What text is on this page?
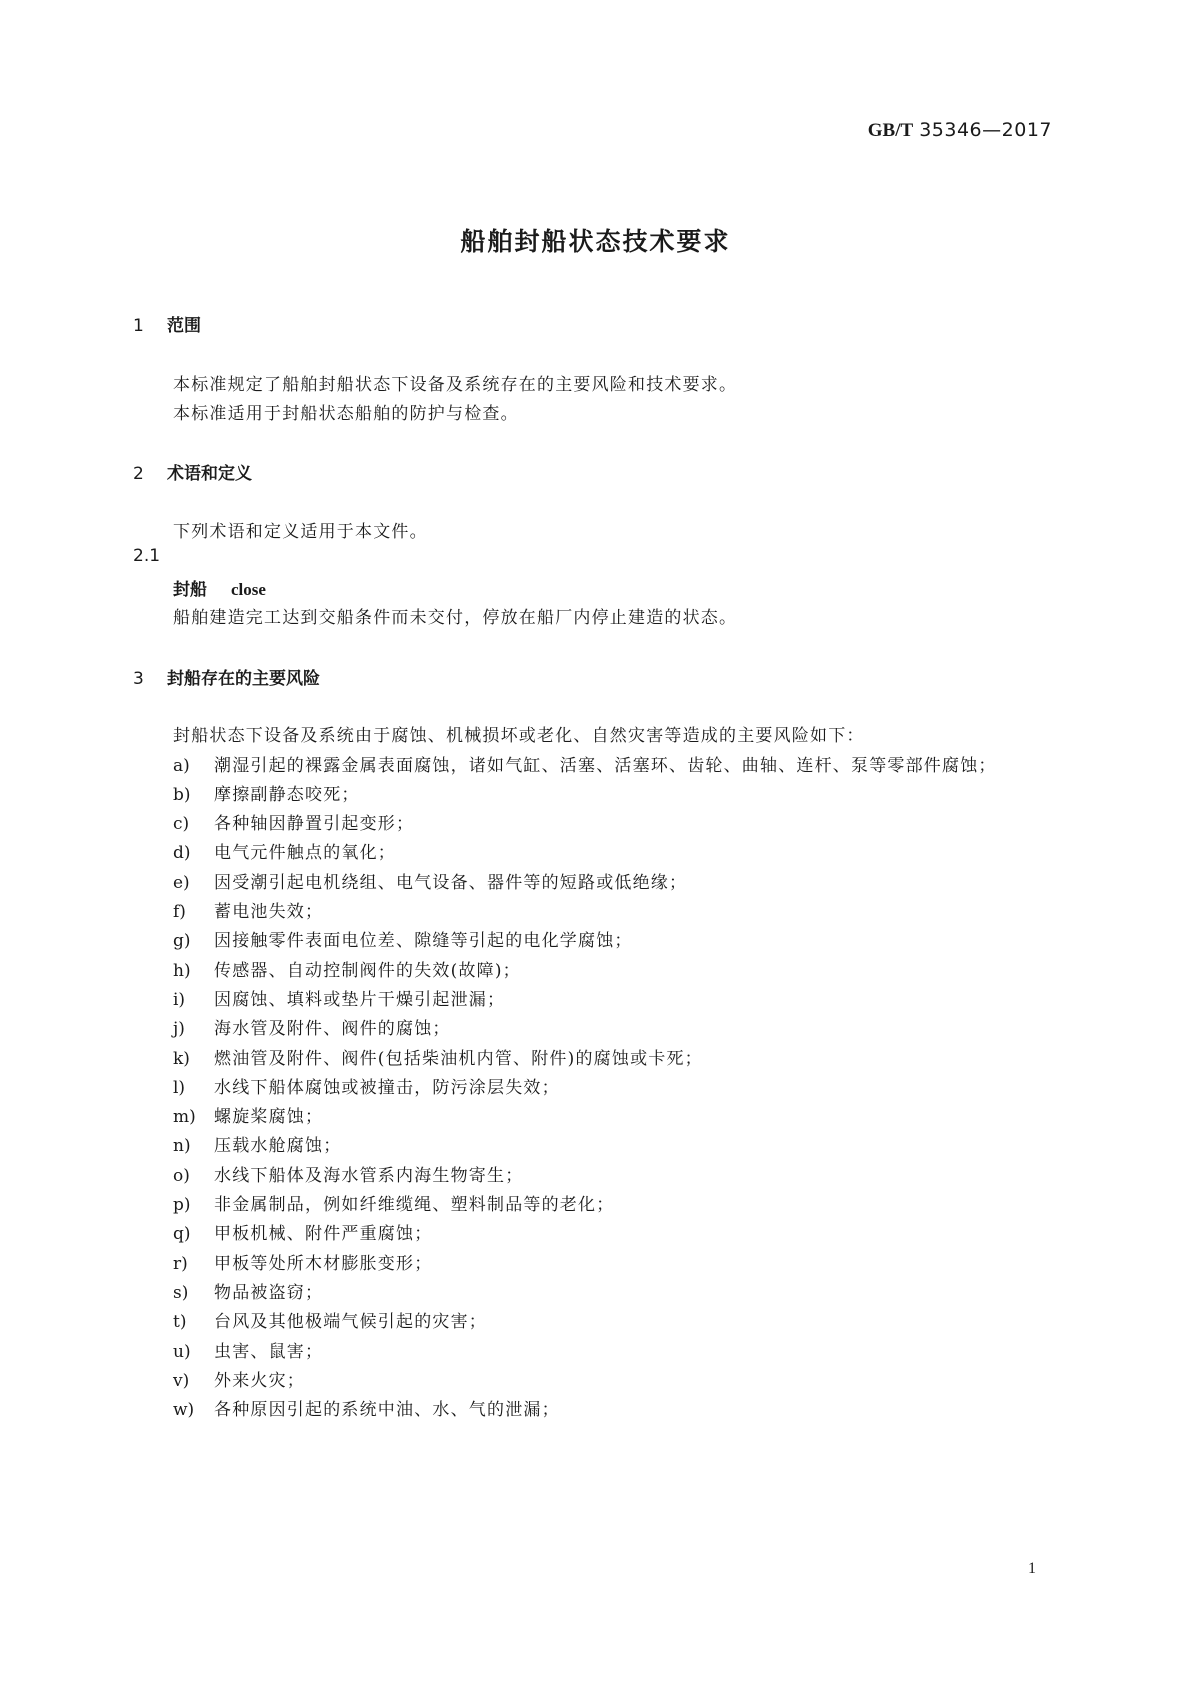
GB/T 35346—2017
船舶封船状态技术要求
1 范围
本标准规定了船舶封船状态下设备及系统存在的主要风险和技术要求。
本标准适用于封船状态船舶的防护与检查。
2 术语和定义
下列术语和定义适用于本文件。
2.1
封船 close
船舶建造完工达到交船条件而未交付，停放在船厂内停止建造的状态。
3 封船存在的主要风险
封船状态下设备及系统由于腐蚀、机械损坏或老化、自然灾害等造成的主要风险如下：
a) 潮湿引起的裸露金属表面腐蚀，诸如气缸、活塞、活塞环、齿轮、曲轴、连杆、泵等零部件腐蚀；
b) 摩擦副静态咬死；
c) 各种轴因静置引起变形；
d) 电气元件触点的氧化；
e) 因受潮引起电机绕组、电气设备、器件等的短路或低绝缘；
f) 蓄电池失效；
g) 因接触零件表面电位差、隙缝等引起的电化学腐蚀；
h) 传感器、自动控制阀件的失效(故障)；
i) 因腐蚀、填料或垫片干燥引起泄漏；
j) 海水管及附件、阀件的腐蚀；
k) 燃油管及附件、阀件(包括柴油机内管、附件)的腐蚀或卡死；
l) 水线下船体腐蚀或被撞击，防污涂层失效；
m) 螺旋桨腐蚀；
n) 压载水舱腐蚀；
o) 水线下船体及海水管系内海生物寄生；
p) 非金属制品，例如纤维缆绳、塑料制品等的老化；
q) 甲板机械、附件严重腐蚀；
r) 甲板等处所木材膨胀变形；
s) 物品被盗窃；
t) 台风及其他极端气候引起的灾害；
u) 虫害、鼠害；
v) 外来火灾；
w) 各种原因引起的系统中油、水、气的泄漏；
1
